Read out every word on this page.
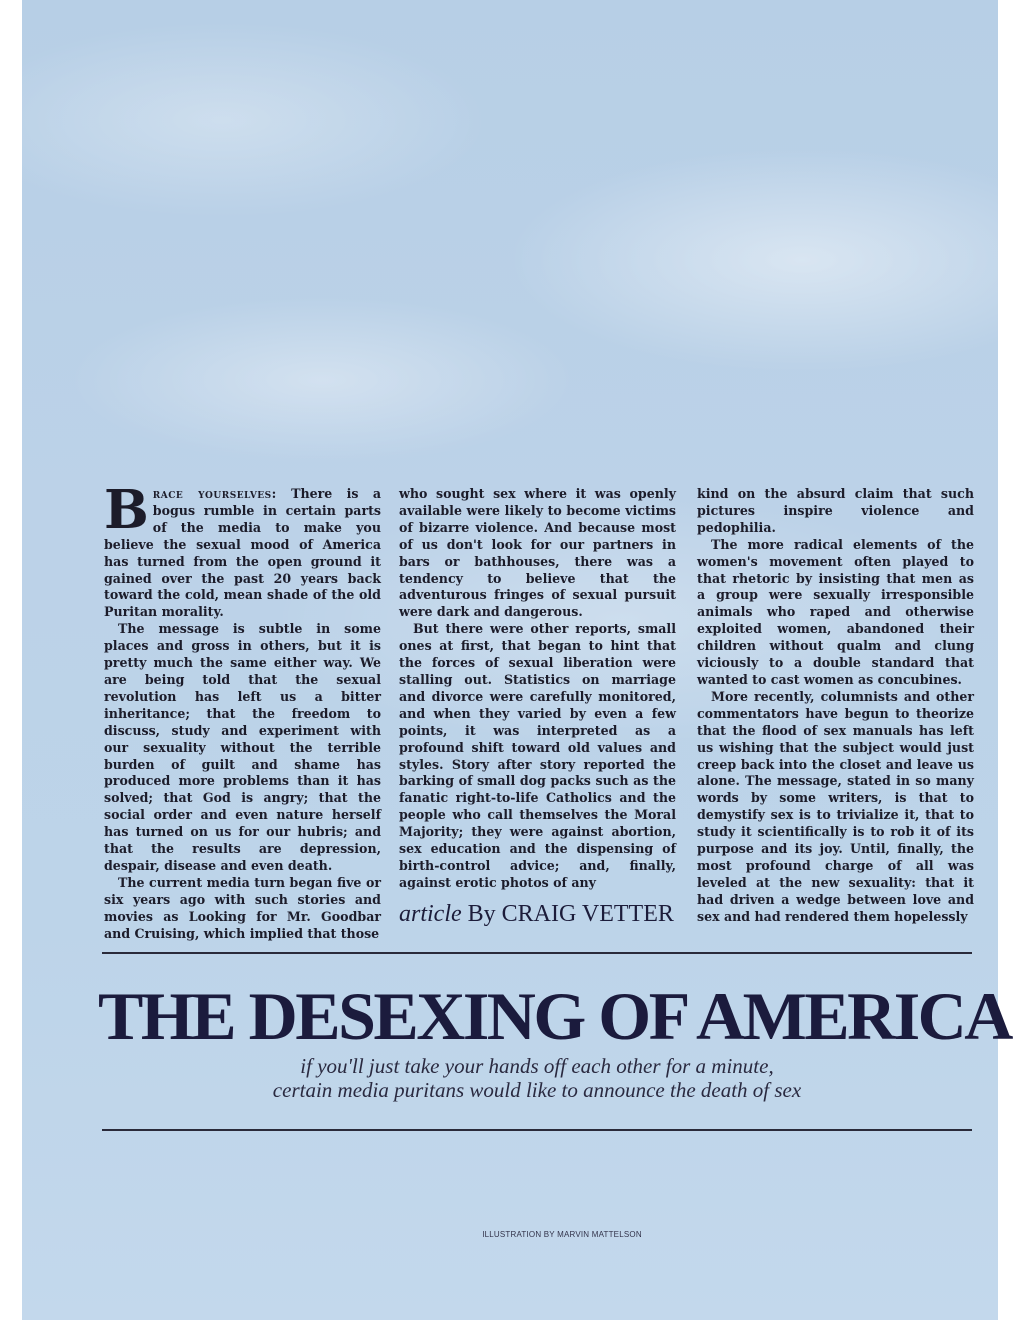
Brace yourselves: There is a bogus rumble in certain parts of the media to make you believe the sexual mood of America has turned from the open ground it gained over the past 20 years back toward the cold, mean shade of the old Puritan morality.

The message is subtle in some places and gross in others, but it is pretty much the same either way. We are being told that the sexual revolution has left us a bitter inheritance; that the freedom to discuss, study and experiment with our sexuality without the terrible burden of guilt and shame has produced more problems than it has solved; that God is angry; that the social order and even nature herself has turned on us for our hubris; and that the results are depression, despair, disease and even death.

The current media turn began five or six years ago with such stories and movies as Looking for Mr. Goodbar and Cruising, which implied that those

who sought sex where it was openly available were likely to become victims of bizarre violence. And because most of us don't look for our partners in bars or bathhouses, there was a tendency to believe that the adventurous fringes of sexual pursuit were dark and dangerous.

But there were other reports, small ones at first, that began to hint that the forces of sexual liberation were stalling out. Statistics on marriage and divorce were carefully monitored, and when they varied by even a few points, it was interpreted as a profound shift toward old values and styles. Story after story reported the barking of small dog packs such as the fanatic right-to-life Catholics and the people who call themselves the Moral Majority; they were against abortion, sex education and the dispensing of birth-control advice; and, finally, against erotic photos of any

article By CRAIG VETTER

kind on the absurd claim that such pictures inspire violence and pedophilia.

The more radical elements of the women's movement often played to that rhetoric by insisting that men as a group were sexually irresponsible animals who raped and otherwise exploited women, abandoned their children without qualm and clung viciously to a double standard that wanted to cast women as concubines.

More recently, columnists and other commentators have begun to theorize that the flood of sex manuals has left us wishing that the subject would just creep back into the closet and leave us alone. The message, stated in so many words by some writers, is that to demystify sex is to trivialize it, that to study it scientifically is to rob it of its purpose and its joy. Until, finally, the most profound charge of all was leveled at the new sexuality: that it had driven a wedge between love and sex and had rendered them hopelessly

THE DESEXING OF AMERICA
if you'll just take your hands off each other for a minute,
certain media puritans would like to announce the death of sex
ILLUSTRATION BY MARVIN MATTELSON
